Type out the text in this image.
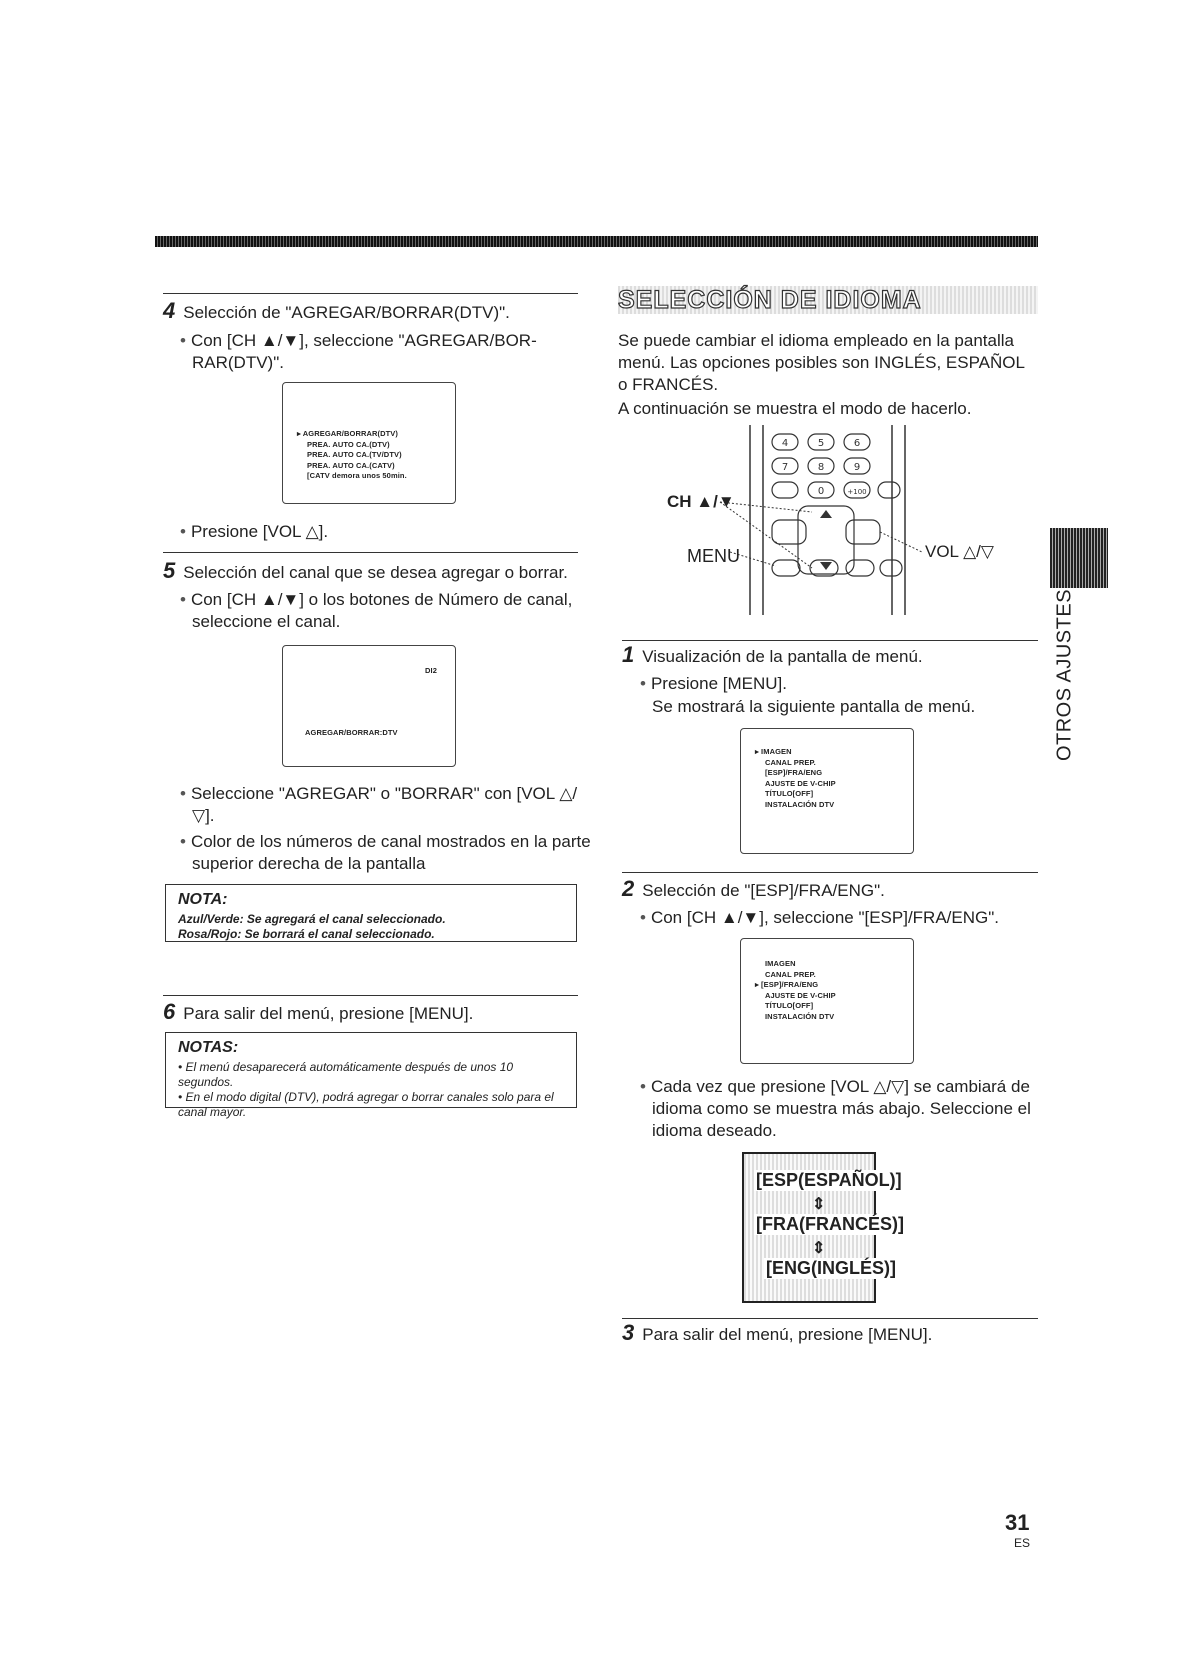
4 Selección de "AGREGAR/BORRAR(DTV)".
• Con [CH ▲/▼], seleccione "AGREGAR/BOR-RAR(DTV)".
▸ AGREGAR/BORRAR(DTV)
PREA. AUTO CA.(DTV)
PREA. AUTO CA.(TV/DTV)
PREA. AUTO CA.(CATV)
[CATV demora unos 50min.
• Presione [VOL △].
5 Selección del canal que se desea agregar o borrar.
• Con [CH ▲/▼] o los botones de Número de canal, seleccione el canal.
DI2
AGREGAR/BORRAR:DTV
• Seleccione "AGREGAR" o "BORRAR" con [VOL △/▽].
• Color de los números de canal mostrados en la parte superior derecha de la pantalla
NOTA:
Azul/Verde: Se agregará el canal seleccionado.
Rosa/Rojo: Se borrará el canal seleccionado.
6 Para salir del menú, presione [MENU].
NOTAS:
• El menú desaparecerá automáticamente después de unos 10 segundos.
• En el modo digital (DTV), podrá agregar o borrar canales solo para el canal mayor.
SELECCIÓN DE IDIOMA
Se puede cambiar el idioma empleado en la pantalla menú. Las opciones posibles son INGLÉS, ESPAÑOL o FRANCÉS.
A continuación se muestra el modo de hacerlo.
4	5	6
7	8	9
0	+100
CH ▲/▼
MENU	VOL △/▽
1 Visualización de la pantalla de menú.
• Presione [MENU].
Se mostrará la siguiente pantalla de menú.
▸ IMAGEN
CANAL PREP.
[ESP]/FRA/ENG
AJUSTE DE V-CHIP
TÍTULO[OFF]
INSTALACIÓN DTV
2 Selección de "[ESP]/FRA/ENG".
• Con [CH ▲/▼], seleccione "[ESP]/FRA/ENG".
IMAGEN
CANAL PREP.
▸ [ESP]/FRA/ENG
AJUSTE DE V-CHIP
TÍTULO[OFF]
INSTALACIÓN DTV
• Cada vez que presione [VOL △/▽] se cambiará de idioma como se muestra más abajo. Seleccione el idioma deseado.
[ESP(ESPAÑOL)]
⇕
[FRA(FRANCÉS)]
⇕
[ENG(INGLÉS)]
3 Para salir del menú, presione [MENU].
OTROS AJUSTES
31
ES
